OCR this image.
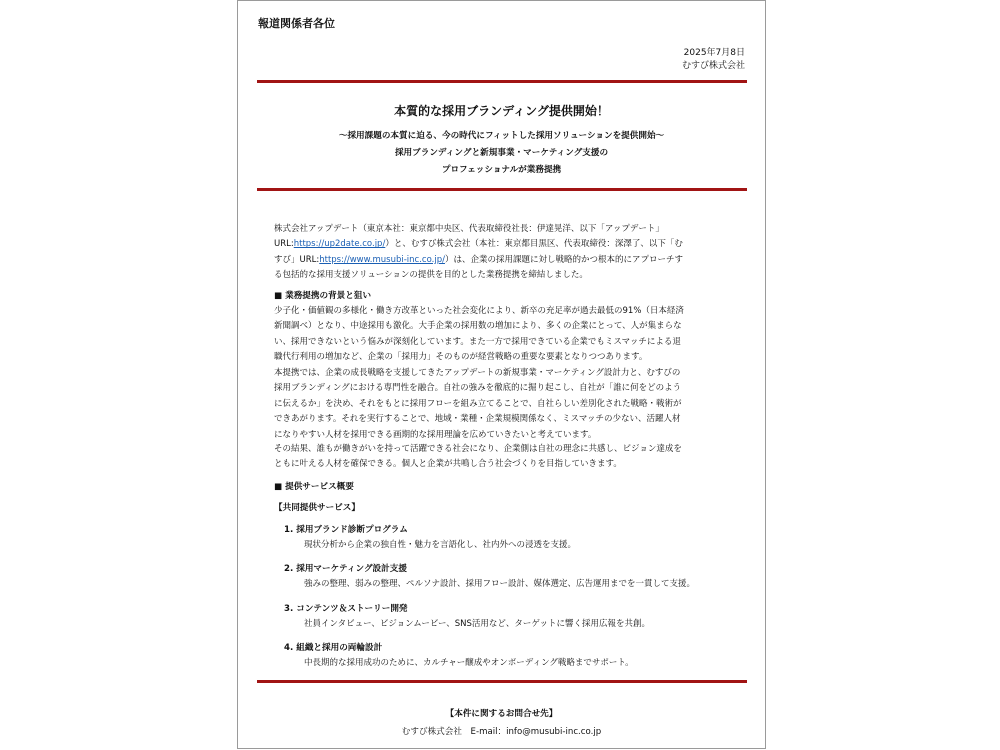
報道関係者各位
2025年7月8日
むすび株式会社
本質的な採用ブランディング提供開始！
〜採用課題の本質に迫る、今の時代にフィットした採用ソリューションを提供開始〜
採用ブランディングと新規事業・マーケティング支援の
プロフェッショナルが業務提携
株式会社アップデート（東京本社：東京都中央区、代表取締役社長：伊達晃洋、以下「アップデート」
URL:https://up2date.co.jp/）と、むすび株式会社（本社：東京都目黒区、代表取締役：深澤了、以下「む
すび」URL:https://www.musubi-inc.co.jp/）は、企業の採用課題に対し戦略的かつ根本的にアプローチす
る包括的な採用支援ソリューションの提供を目的とした業務提携を締結しました。
■ 業務提携の背景と狙い
少子化・価値観の多様化・働き方改革といった社会変化により、新卒の充足率が過去最低の91%（日本経済
新聞調べ）となり、中途採用も激化。大手企業の採用数の増加により、多くの企業にとって、人が集まらな
い、採用できないという悩みが深刻化しています。また一方で採用できている企業でもミスマッチによる退
職代行利用の増加など、企業の「採用力」そのものが経営戦略の重要な要素となりつつあります。
本提携では、企業の成長戦略を支援してきたアップデートの新規事業・マーケティング設計力と、むすびの
採用ブランディングにおける専門性を融合。自社の強みを徹底的に掘り起こし、自社が「誰に何をどのよう
に伝えるか」を決め、それをもとに採用フローを組み立てることで、自社らしい差別化された戦略・戦術が
できあがります。それを実行することで、地域・業種・企業規模関係なく、ミスマッチの少ない、活躍人材
になりやすい人材を採用できる画期的な採用理論を広めていきたいと考えています。
その結果、誰もが働きがいを持って活躍できる社会になり、企業側は自社の理念に共感し、ビジョン達成を
ともに叶える人材を確保できる。個人と企業が共鳴し合う社会づくりを目指していきます。
■ 提供サービス概要
【共同提供サービス】
1. 採用ブランド診断プログラム
現状分析から企業の独自性・魅力を言語化し、社内外への浸透を支援。
2. 採用マーケティング設計支援
強みの整理、弱みの整理、ペルソナ設計、採用フロー設計、媒体選定、広告運用までを一貫して支援。
3. コンテンツ＆ストーリー開発
社員インタビュー、ビジョンムービー、SNS活用など、ターゲットに響く採用広報を共創。
4. 組織と採用の両輪設計
中長期的な採用成功のために、カルチャー醸成やオンボーディング戦略までサポート。
【本件に関するお問合せ先】
むすび株式会社　E-mail：info@musubi-inc.co.jp
